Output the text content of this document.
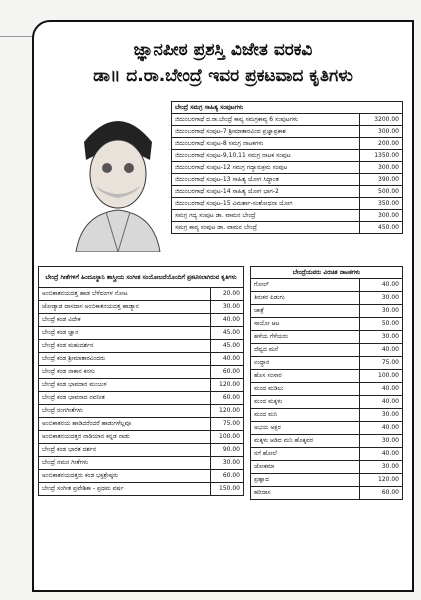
ಜ್ಞಾನಪೀಠ ಪ್ರಶಸ್ತಿ ವಿಜೇತ ವರಕವಿ
ಡಾ॥ ದ.ರಾ.ಬೇಂದ್ರೆ ಇವರ ಪ್ರಕಟವಾದ ಕೃತಿಗಳು
ಬೇಂದ್ರೆ ಸಮಗ್ರ ಸಾಹಿತ್ಯ ಸಂಪುಟಗಳು	
ಜಿದುಂಬರಗಾಥೆ ದ.ರಾ.ಬೇಂದ್ರೆ ಕಾವ್ಯ ಸಮಗ್ರಕಾವ್ಯ 6 ಸಂಪುಟಗಳು	3200.00
ಜಿದುಂಬರಗಾಥೆ ಸಂಪುಟ-7 ಶ್ರೀಮಾತಾರವಿಂದ ಪ್ರಜ್ಞಾಪ್ರಕಾಶ	300.00
ಜಿದುಂಬರಗಾಥೆ ಸಂಪುಟ-8 ಸಮಗ್ರ ನಾಟಕಗಳು	200.00
ಜಿದುಂಬರಗಾಥೆ ಸಂಪುಟ-9,10,11 ಸಮಗ್ರ ನಾಟಕ ಸಂಪುಟ	1350.00
ಜಿದುಂಬರಗಾಥೆ ಸಂಪುಟ-12 ಸಮಗ್ರ ಗದ್ಯಾನುಕ್ರಮ ಸಂಪುಟ	300.00
ಜಿದುಂಬರಗಾಥೆ ಸಂಪುಟ-13 ಸಾಹಿತ್ಯ ಯೋಗ ಸಿದ್ಧಾಂತ	390.00
ಜಿದುಂಬರಗಾಥೆ ಸಂಪುಟ-14 ಸಾಹಿತ್ಯ ಯೋಗ ಭಾಗ-2	500.00
ಜಿದುಂಬರಗಾಥೆ ಸಂಪುಟ-15 ವಿಮರ್ಶಾ-ಸಂಶೋಧನಾ ಯೋಗ	350.00
ಸಮಗ್ರ ಗದ್ಯ ಸಂಪುಟ ಡಾ. ವಾಮನ ಬೇಂದ್ರೆ	300.00
ಸಮಗ್ರ ಕಾವ್ಯ ಸಂಪುಟ ಡಾ. ವಾಮನ ಬೇಂದ್ರೆ	450.00
ಬೇಂದ್ರೆ ಗೀತೆಗಳಿಗೆ ಹಿಂದೂಸ್ಥಾನಿ ಶಾಸ್ತ್ರೀಯ ಸಂಗೀತ ಸಂಯೋಜನೆಯೊಂದಿಗೆ ಪ್ರಕಟಿಸಲಾಗಿರುವ ಕೃತಿಗಳು	
ಅಂಬಿಕಾತನಯದತ್ತ ಹಾಡ ಬೆಳೆದಂಗಳ ನೋಟ	20.00
ಜೋಡ್ಯಾಡ ದಾಸದಾಸ ಅಂಬಿಕಾತನಯದತ್ತ ಹಾಡ್ಯಾನ	30.00
ಬೇಂದ್ರೆ ಕಂಡ ವಿದೇಕ	40.00
ಬೇಂದ್ರೆ ಕಂಡ ಜ್ಞಾನ	45.00
ಬೇಂದ್ರೆ ಕಂಡ ಮಹುದರ್ಶನ	45.00
ಬೇಂದ್ರೆ ಕಂಡ ಶ್ರೀಮಾತಾರವಿಂದರು	40.00
ಬೇಂದ್ರೆ ಕಂಡ ನಾಕಾನ ಕನಸು	60.00
ಬೇಂದ್ರೆ ಕಂಡ ಭಾವದಾರ ಮಂಜುಳ	120.00
ಬೇಂದ್ರೆ ಕಂಡ ಭಾವನಾದ ನವನೀತ	60.00
ಬೇಂದ್ರೆ ರಂಗಗೀತೆಗಳು	120.00
ಅಂಬಿಕಾತನಯ ಹಾಡಿದರೆಂದರೆ ಹಾಡುಗಳೆಲ್ಲವೂ	75.00
ಅಂಬಿಕಾತನಯದತ್ತರ ನಾಡಿಯಾನ ಕನ್ನಡ ನಾಡು	100.00
ಬೇಂದ್ರೆ ಕಂಡ ಭಾರತ ದರ್ಶನ	90.00
ಬೇಂದ್ರೆ ನಮನ ಗೀತೆಗಳು	30.00
ಅಂಬಿಕಾತನಯದತ್ತರು ಕಂಡ ಭಕ್ತಶ್ರೇಷ್ಠರು	60.00
ಬೇಂದ್ರೆ ಸಂಗೀತ ಪ್ರವೇಶಿಕಾ - ಪ್ರಥಮ ವರ್ಷ	150.00
ಬೇಂದ್ರೆಯವರು ವಿರಚಿತ ನಾಟಕಗಳು	
ಗೋಲ್	40.00
ತಿರುಕರ ಪಿಡುಗು	30.00
ಜಾತ್ರೆ	30.00
ಸಾಯೋ ಆಟ	50.00
ಹಳೆಯ ಗೆಳೆಯರು	30.00
ದೆವ್ವದ ಮನೆ	40.00
ಉದ್ಧಾರ	75.00
ಹೊಸ ಸಂಸಾರ	100.00
ಮಂದ ಮಡಿಲು	40.00
ಮಂದ ಮಕ್ಕಳು	40.00
ಮಂದ ಮನಿ	30.00
ಅಭಯ ಅಕ್ಷರ	40.00
ಮಕ್ಕಳು ಆಡಿದ ಮನಿ ಹೊಕ್ಕವರ	30.00
ನಗೆ ಹೋಲೆ	40.00
ಜೋಕಮಾ	30.00
ಪ್ರಹ್ಲಾದ	120.00
ಹರಿದಾಸ	60.00
